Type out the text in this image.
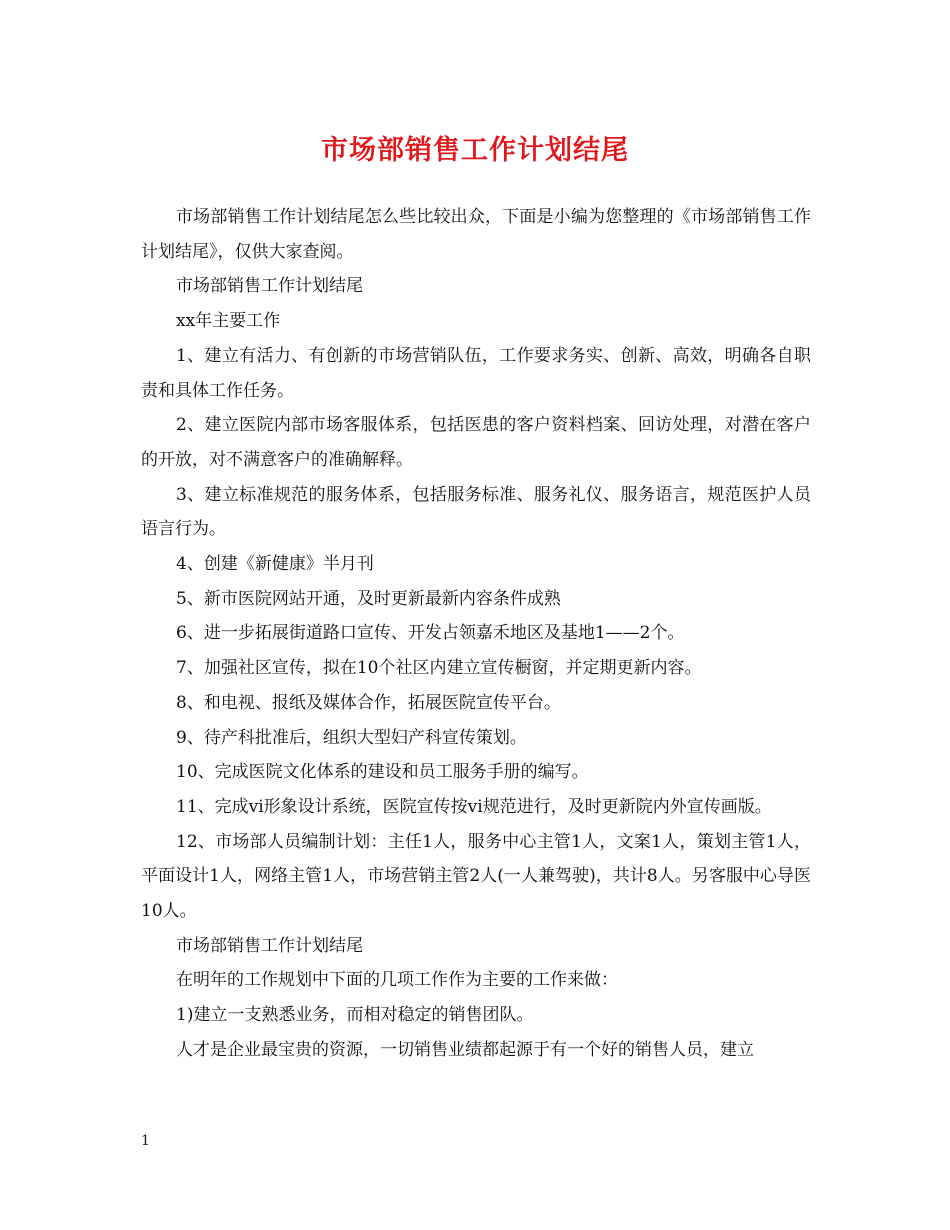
市场部销售工作计划结尾

市场部销售工作计划结尾怎么些比较出众，下面是小编为您整理的《市场部销售工作计划结尾》，仅供大家查阅。

市场部销售工作计划结尾

xx年主要工作

1、建立有活力、有创新的市场营销队伍，工作要求务实、创新、高效，明确各自职责和具体工作任务。

2、建立医院内部市场客服体系，包括医患的客户资料档案、回访处理，对潜在客户的开放，对不满意客户的准确解释。

3、建立标准规范的服务体系，包括服务标准、服务礼仪、服务语言，规范医护人员语言行为。

4、创建《新健康》半月刊

5、新市医院网站开通，及时更新最新内容条件成熟

6、进一步拓展街道路口宣传、开发占领嘉禾地区及基地1——2个。

7、加强社区宣传，拟在10个社区内建立宣传橱窗，并定期更新内容。

8、和电视、报纸及媒体合作，拓展医院宣传平台。

9、待产科批准后，组织大型妇产科宣传策划。

10、完成医院文化体系的建设和员工服务手册的编写。

11、完成vi形象设计系统，医院宣传按vi规范进行，及时更新院内外宣传画版。

12、市场部人员编制计划：主任1人，服务中心主管1人，文案1人，策划主管1人，平面设计1人，网络主管1人，市场营销主管2人(一人兼驾驶)，共计8人。另客服中心导医10人。

市场部销售工作计划结尾

在明年的工作规划中下面的几项工作作为主要的工作来做：

1)建立一支熟悉业务，而相对稳定的销售团队。

人才是企业最宝贵的资源，一切销售业绩都起源于有一个好的销售人员，建立

1
